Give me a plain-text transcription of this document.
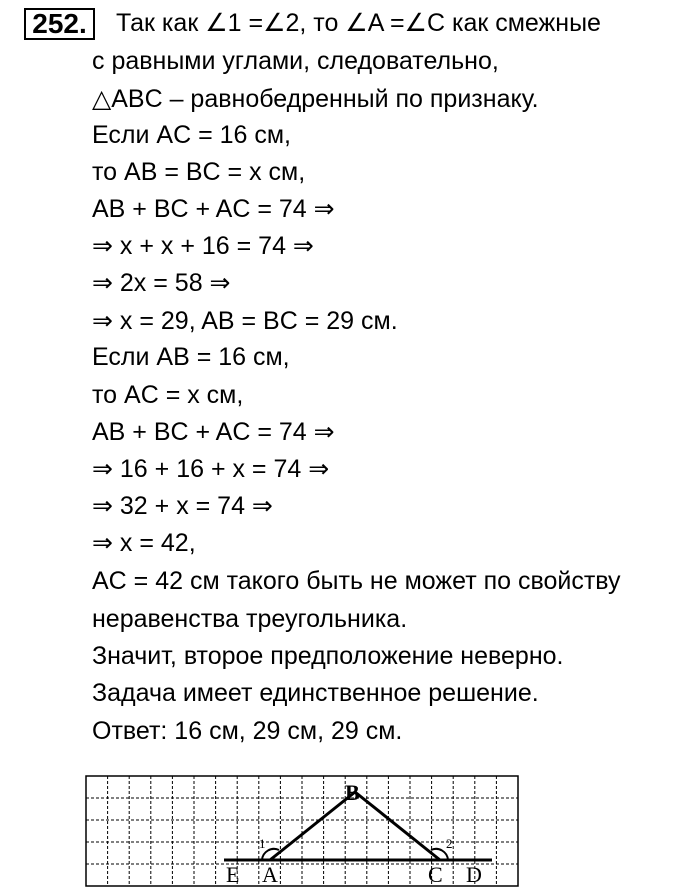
252.	Так как ∠1 =∠2, то ∠A =∠C как смежные
с равными углами, следовательно,
△ABC – равнобедренный по признаку.
Если AC = 16 см,
то AB = BC = x см,
AB + BC + AC = 74 ⇒
⇒ x + x + 16 = 74 ⇒
⇒ 2x = 58 ⇒
⇒ x = 29, AB = BC = 29 см.
Если AB = 16 см,
то AC = x см,
AB + BC + AC = 74 ⇒
⇒ 16 + 16 + x = 74 ⇒
⇒ 32 + x = 74 ⇒
⇒ x = 42,
AC = 42 см такого быть не может по свойству
неравенства треугольника.
Значит, второе предположение неверно.
Задача имеет единственное решение.
Ответ: 16 см, 29 см, 29 см.
B
E A	C D
1	2
